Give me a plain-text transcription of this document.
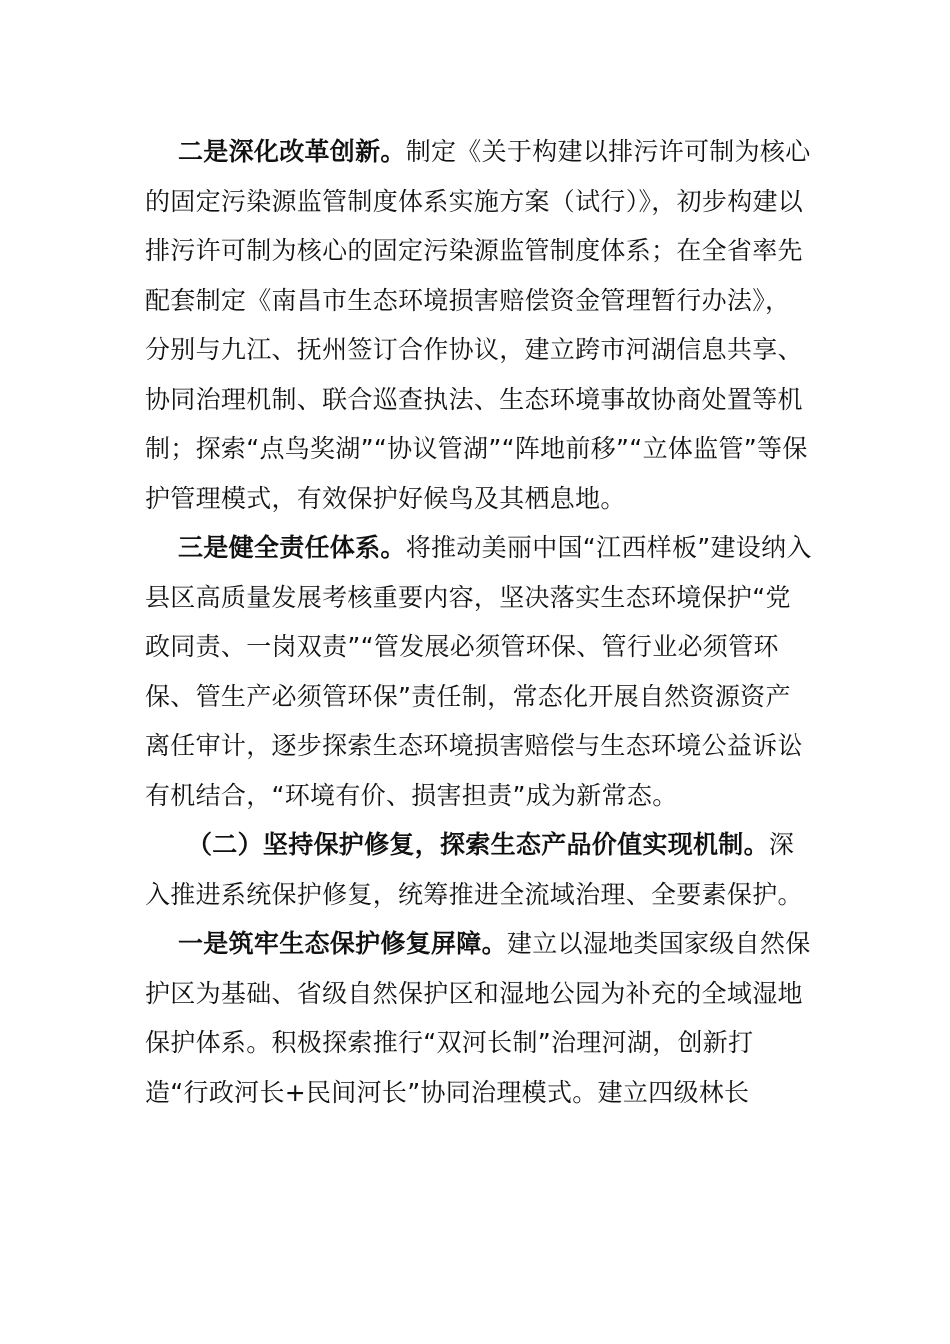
二是深化改革创新。制定《关于构建以排污许可制为核心的固定污染源监管制度体系实施方案（试行）》，初步构建以排污许可制为核心的固定污染源监管制度体系；在全省率先配套制定《南昌市生态环境损害赔偿资金管理暂行办法》，分别与九江、抚州签订合作协议，建立跨市河湖信息共享、协同治理机制、联合巡查执法、生态环境事故协商处置等机制；探索“点鸟奖湖”“协议管湖”“阵地前移”“立体监管”等保护管理模式，有效保护好候鸟及其栖息地。

三是健全责任体系。将推动美丽中国“江西样板”建设纳入县区高质量发展考核重要内容，坚决落实生态环境保护“党政同责、一岗双责”“管发展必须管环保、管行业必须管环保、管生产必须管环保”责任制，常态化开展自然资源资产离任审计，逐步探索生态环境损害赔偿与生态环境公益诉讼有机结合，“环境有价、损害担责”成为新常态。

（二）坚持保护修复，探索生态产品价值实现机制。深入推进系统保护修复，统筹推进全流域治理、全要素保护。

一是筑牢生态保护修复屏障。建立以湿地类国家级自然保护区为基础、省级自然保护区和湿地公园为补充的全域湿地保护体系。积极探索推行“双河长制”治理河湖，创新打造“行政河长+民间河长”协同治理模式。建立四级林长
